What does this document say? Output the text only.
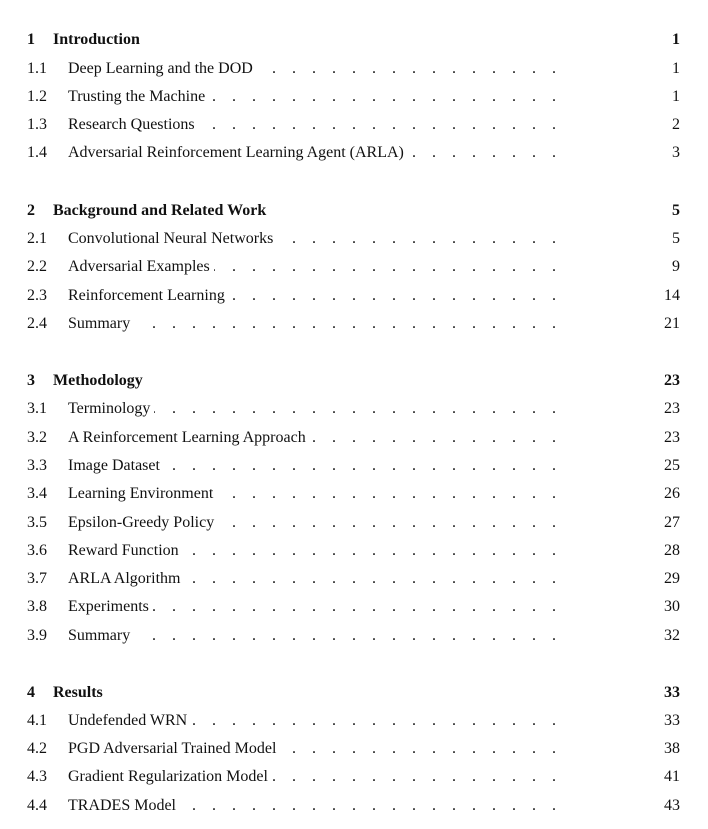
1 Introduction	1
1.1 Deep Learning and the DOD .	1
1.2 Trusting the Machine .	1
1.3 Research Questions .	2
1.4 Adversarial Reinforcement Learning Agent (ARLA) .	3
2 Background and Related Work	5
2.1 Convolutional Neural Networks .	5
2.2 Adversarial Examples .	9
2.3 Reinforcement Learning .	14
2.4 Summary .	21
3 Methodology	23
3.1 Terminology .	23
3.2 A Reinforcement Learning Approach .	23
3.3 Image Dataset .	25
3.4 Learning Environment .	26
3.5 Epsilon-Greedy Policy .	27
3.6 Reward Function .	28
3.7 ARLA Algorithm .	29
3.8 Experiments .	30
3.9 Summary .	32
4 Results	33
4.1 Undefended WRN .	33
4.2 PGD Adversarial Trained Model .	38
4.3 Gradient Regularization Model .	41
4.4 TRADES Model .	43
